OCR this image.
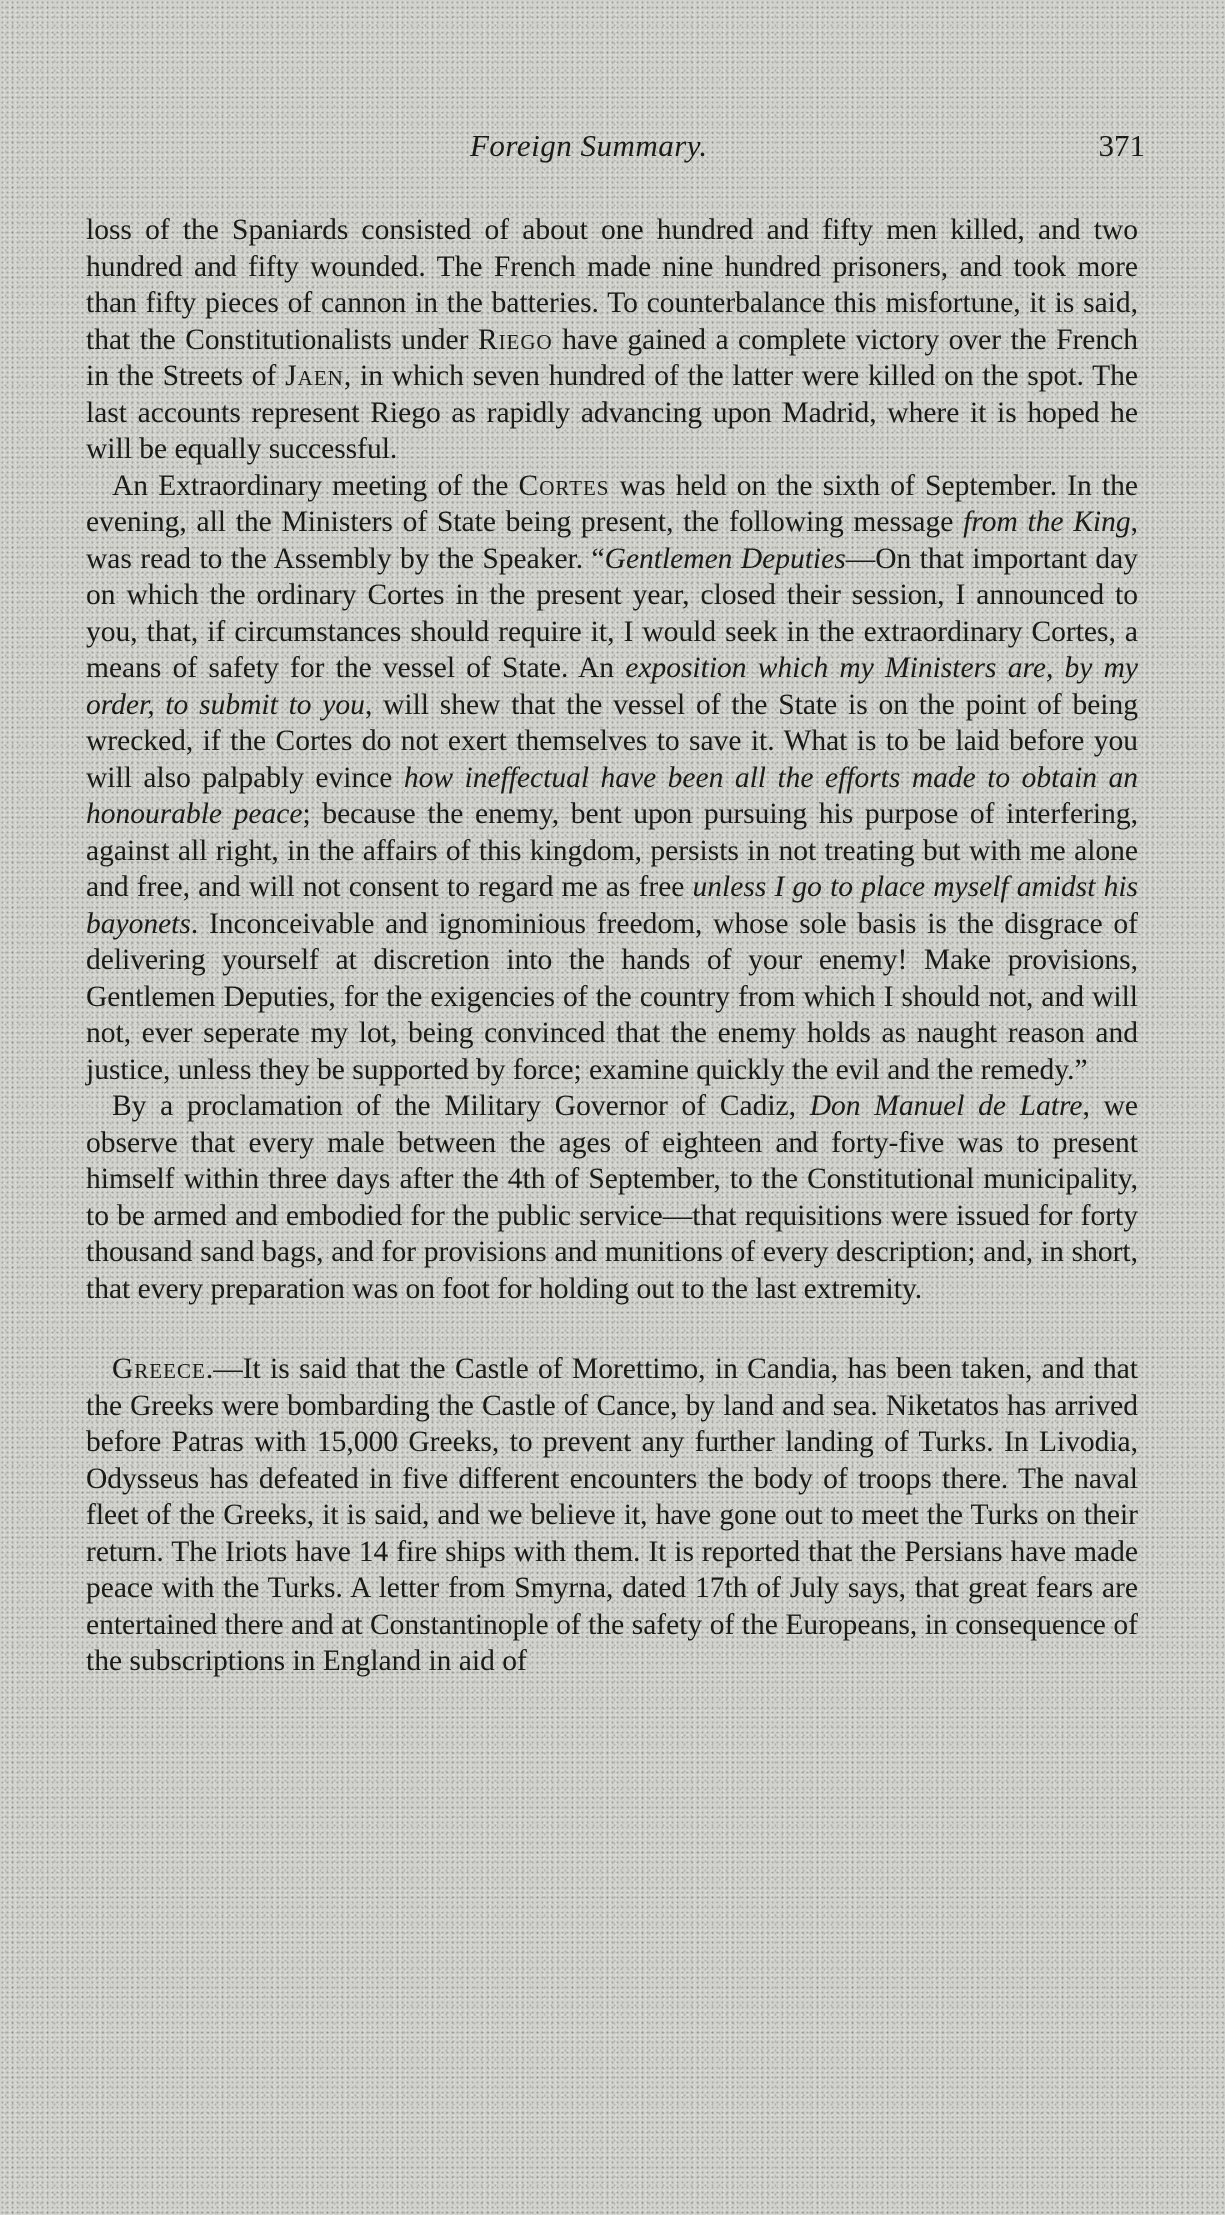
Foreign Summary.	371

loss of the Spaniards consisted of about one hundred and fifty men killed, and two hundred and fifty wounded. The French made nine hundred prisoners, and took more than fifty pieces of cannon in the batteries. To counterbalance this misfortune, it is said, that the Constitutionalists under Riego have gained a complete victory over the French in the Streets of Jaen, in which seven hundred of the latter were killed on the spot. The last accounts represent Riego as rapidly advancing upon Madrid, where it is hoped he will be equally successful.

An Extraordinary meeting of the Cortes was held on the sixth of September. In the evening, all the Ministers of State being present, the following message from the King, was read to the Assembly by the Speaker. “Gentlemen Deputies—On that important day on which the ordinary Cortes in the present year, closed their session, I announced to you, that, if circumstances should require it, I would seek in the extraordinary Cortes, a means of safety for the vessel of State. An exposition which my Ministers are, by my order, to submit to you, will shew that the vessel of the State is on the point of being wrecked, if the Cortes do not exert themselves to save it. What is to be laid before you will also palpably evince how ineffectual have been all the efforts made to obtain an honourable peace; because the enemy, bent upon pursuing his purpose of interfering, against all right, in the affairs of this kingdom, persists in not treating but with me alone and free, and will not consent to regard me as free unless I go to place myself amidst his bayonets. Inconceivable and ignominious freedom, whose sole basis is the disgrace of delivering yourself at discretion into the hands of your enemy! Make provisions, Gentlemen Deputies, for the exigencies of the country from which I should not, and will not, ever seperate my lot, being convinced that the enemy holds as naught reason and justice, unless they be supported by force; examine quickly the evil and the remedy.”

By a proclamation of the Military Governor of Cadiz, Don Manuel de Latre, we observe that every male between the ages of eighteen and forty-five was to present himself within three days after the 4th of September, to the Constitutional municipality, to be armed and embodied for the public service—that requisitions were issued for forty thousand sand bags, and for provisions and munitions of every description; and, in short, that every preparation was on foot for holding out to the last extremity.

Greece.—It is said that the Castle of Morettimo, in Candia, has been taken, and that the Greeks were bombarding the Castle of Cance, by land and sea. Niketatos has arrived before Patras with 15,000 Greeks, to prevent any further landing of Turks. In Livodia, Odysseus has defeated in five different encounters the body of troops there. The naval fleet of the Greeks, it is said, and we believe it, have gone out to meet the Turks on their return. The Iriots have 14 fire ships with them. It is reported that the Persians have made peace with the Turks. A letter from Smyrna, dated 17th of July says, that great fears are entertained there and at Constantinople of the safety of the Europeans, in consequence of the subscriptions in England in aid of
